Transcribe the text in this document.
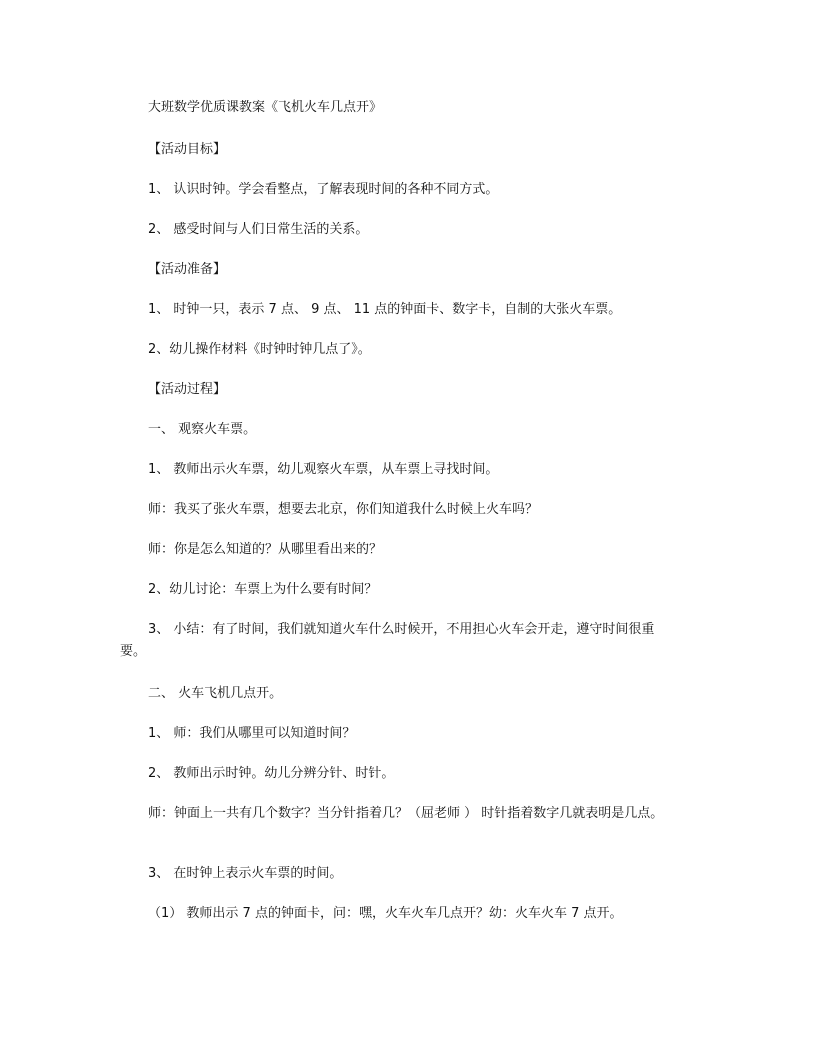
大班数学优质课教案《飞机火车几点开》
【活动目标】
1、 认识时钟。学会看整点，了解表现时间的各种不同方式。
2、 感受时间与人们日常生活的关系。
【活动准备】
1、 时钟一只，表示 7 点、 9 点、 11 点的钟面卡、数字卡，自制的大张火车票。
2、幼儿操作材料《时钟时钟几点了》。
【活动过程】
一、 观察火车票。
1、 教师出示火车票，幼儿观察火车票，从车票上寻找时间。
师：我买了张火车票，想要去北京，你们知道我什么时候上火车吗？
师：你是怎么知道的？从哪里看出来的？
2、幼儿讨论：车票上为什么要有时间？
3、 小结：有了时间，我们就知道火车什么时候开，不用担心火车会开走，遵守时间很重要。
二、 火车飞机几点开。
1、 师：我们从哪里可以知道时间？
2、 教师出示时钟。幼儿分辨分针、时针。
师：钟面上一共有几个数字？当分针指着几？（屈老师 ） 时针指着数字几就表明是几点。
3、 在时钟上表示火车票的时间。
（1） 教师出示 7 点的钟面卡，问：嘿，火车火车几点开？幼：火车火车 7 点开。
